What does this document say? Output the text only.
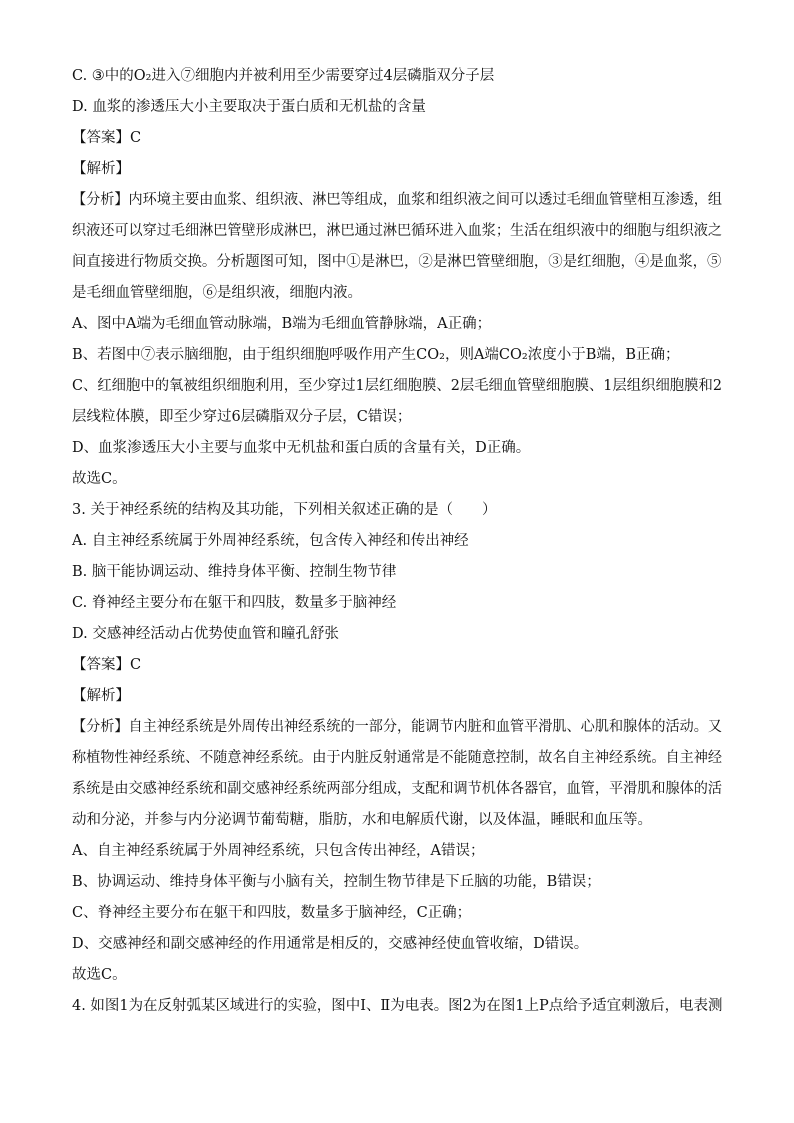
C. ③中的O₂进入⑦细胞内并被利用至少需要穿过4层磷脂双分子层
D. 血浆的渗透压大小主要取决于蛋白质和无机盐的含量
【答案】C
【解析】
【分析】内环境主要由血浆、组织液、淋巴等组成，血浆和组织液之间可以透过毛细血管壁相互渗透，组
织液还可以穿过毛细淋巴管壁形成淋巴，淋巴通过淋巴循环进入血浆；生活在组织液中的细胞与组织液之
间直接进行物质交换。分析题图可知，图中①是淋巴，②是淋巴管壁细胞，③是红细胞，④是血浆，⑤
是毛细血管壁细胞，⑥是组织液，细胞内液。
A、图中A端为毛细血管动脉端，B端为毛细血管静脉端，A正确；
B、若图中⑦表示脑细胞，由于组织细胞呼吸作用产生CO₂，则A端CO₂浓度小于B端，B正确；
C、红细胞中的氧被组织细胞利用，至少穿过1层红细胞膜、2层毛细血管壁细胞膜、1层组织细胞膜和2
层线粒体膜，即至少穿过6层磷脂双分子层，C错误；
D、血浆渗透压大小主要与血浆中无机盐和蛋白质的含量有关，D正确。
故选C。
3. 关于神经系统的结构及其功能，下列相关叙述正确的是（　　）
A. 自主神经系统属于外周神经系统，包含传入神经和传出神经
B. 脑干能协调运动、维持身体平衡、控制生物节律
C. 脊神经主要分布在躯干和四肢，数量多于脑神经
D. 交感神经活动占优势使血管和瞳孔舒张
【答案】C
【解析】
【分析】自主神经系统是外周传出神经系统的一部分，能调节内脏和血管平滑肌、心肌和腺体的活动。又
称植物性神经系统、不随意神经系统。由于内脏反射通常是不能随意控制，故名自主神经系统。自主神经
系统是由交感神经系统和副交感神经系统两部分组成，支配和调节机体各器官，血管，平滑肌和腺体的活
动和分泌，并参与内分泌调节葡萄糖，脂肪，水和电解质代谢，以及体温，睡眠和血压等。
A、自主神经系统属于外周神经系统，只包含传出神经，A错误；
B、协调运动、维持身体平衡与小脑有关，控制生物节律是下丘脑的功能，B错误；
C、脊神经主要分布在躯干和四肢，数量多于脑神经，C正确；
D、交感神经和副交感神经的作用通常是相反的，交感神经使血管收缩，D错误。
故选C。
4. 如图1为在反射弧某区域进行的实验，图中Ⅰ、Ⅱ为电表。图2为在图1上P点给予适宜刺激后，电表测
